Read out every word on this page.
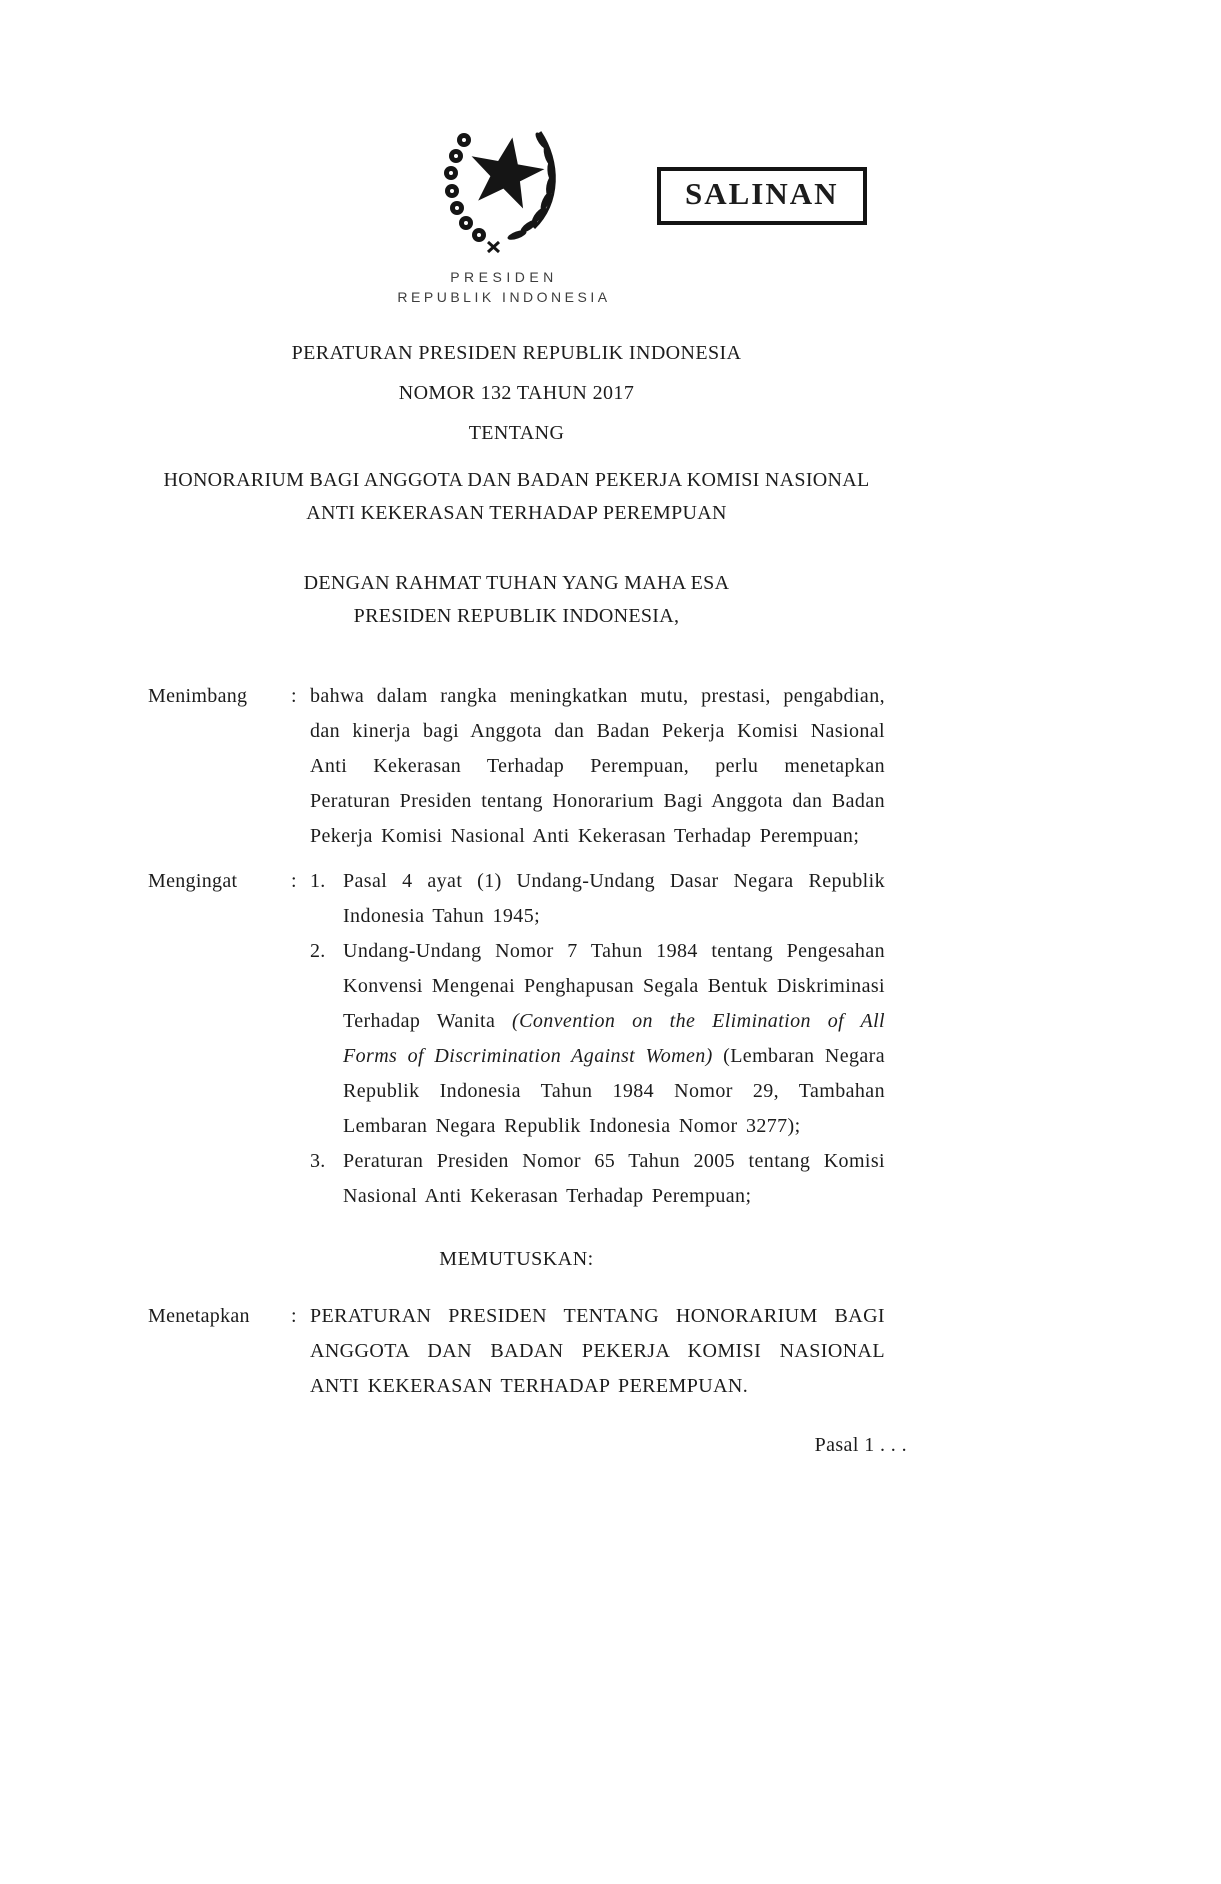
SALINAN
PRESIDEN
REPUBLIK INDONESIA
PERATURAN PRESIDEN REPUBLIK INDONESIA
NOMOR 132 TAHUN 2017
TENTANG
HONORARIUM BAGI ANGGOTA DAN BADAN PEKERJA KOMISI NASIONAL
ANTI KEKERASAN TERHADAP PEREMPUAN
DENGAN RAHMAT TUHAN YANG MAHA ESA
PRESIDEN REPUBLIK INDONESIA,
Menimbang	: bahwa dalam rangka meningkatkan mutu, prestasi, pengabdian, dan kinerja bagi Anggota dan Badan Pekerja Komisi Nasional Anti Kekerasan Terhadap Perempuan, perlu menetapkan Peraturan Presiden tentang Honorarium Bagi Anggota dan Badan Pekerja Komisi Nasional Anti Kekerasan Terhadap Perempuan;
Mengingat	: 1. Pasal 4 ayat (1) Undang-Undang Dasar Negara Republik Indonesia Tahun 1945;
2. Undang-Undang Nomor 7 Tahun 1984 tentang Pengesahan Konvensi Mengenai Penghapusan Segala Bentuk Diskriminasi Terhadap Wanita (Convention on the Elimination of All Forms of Discrimination Against Women) (Lembaran Negara Republik Indonesia Tahun 1984 Nomor 29, Tambahan Lembaran Negara Republik Indonesia Nomor 3277);
3. Peraturan Presiden Nomor 65 Tahun 2005 tentang Komisi Nasional Anti Kekerasan Terhadap Perempuan;
MEMUTUSKAN:
Menetapkan	: PERATURAN PRESIDEN TENTANG HONORARIUM BAGI ANGGOTA DAN BADAN PEKERJA KOMISI NASIONAL ANTI KEKERASAN TERHADAP PEREMPUAN.
Pasal 1 . . .
